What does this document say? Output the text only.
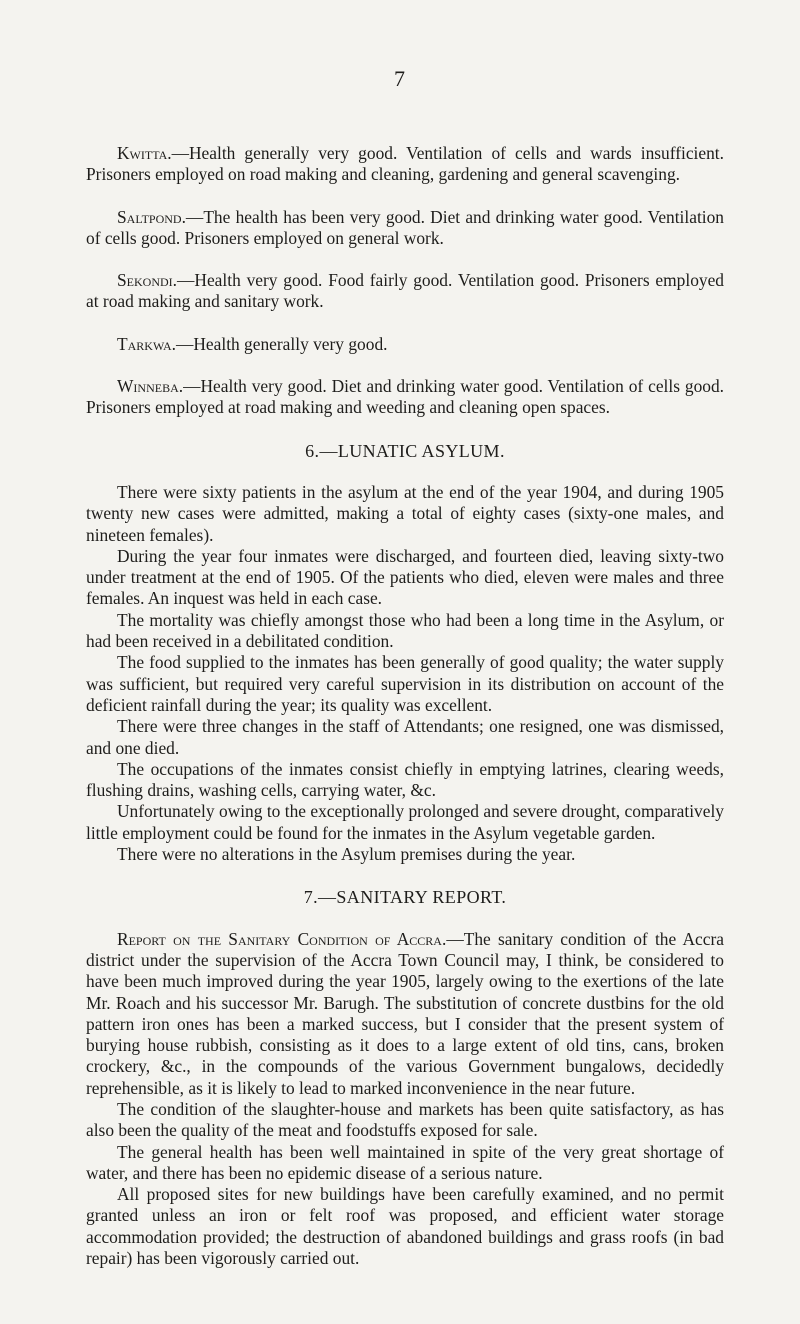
7

Kwitta.—Health generally very good. Ventilation of cells and wards insufficient. Prisoners employed on road making and cleaning, gardening and general scavenging.

Saltpond.—The health has been very good. Diet and drinking water good. Ventilation of cells good. Prisoners employed on general work.

Sekondi.—Health very good. Food fairly good. Ventilation good. Prisoners employed at road making and sanitary work.

Tarkwa.—Health generally very good.

Winneba.—Health very good. Diet and drinking water good. Ventilation of cells good. Prisoners employed at road making and weeding and cleaning open spaces.

6.—LUNATIC ASYLUM.

There were sixty patients in the asylum at the end of the year 1904, and during 1905 twenty new cases were admitted, making a total of eighty cases (sixty-one males, and nineteen females).

During the year four inmates were discharged, and fourteen died, leaving sixty-two under treatment at the end of 1905. Of the patients who died, eleven were males and three females. An inquest was held in each case.

The mortality was chiefly amongst those who had been a long time in the Asylum, or had been received in a debilitated condition.

The food supplied to the inmates has been generally of good quality; the water supply was sufficient, but required very careful supervision in its distribution on account of the deficient rainfall during the year; its quality was excellent.

There were three changes in the staff of Attendants; one resigned, one was dismissed, and one died.

The occupations of the inmates consist chiefly in emptying latrines, clearing weeds, flushing drains, washing cells, carrying water, &c.

Unfortunately owing to the exceptionally prolonged and severe drought, comparatively little employment could be found for the inmates in the Asylum vegetable garden.

There were no alterations in the Asylum premises during the year.

7.—SANITARY REPORT.

Report on the Sanitary Condition of Accra.—The sanitary condition of the Accra district under the supervision of the Accra Town Council may, I think, be considered to have been much improved during the year 1905, largely owing to the exertions of the late Mr. Roach and his successor Mr. Barugh. The substitution of concrete dustbins for the old pattern iron ones has been a marked success, but I consider that the present system of burying house rubbish, consisting as it does to a large extent of old tins, cans, broken crockery, &c., in the compounds of the various Government bungalows, decidedly reprehensible, as it is likely to lead to marked inconvenience in the near future.

The condition of the slaughter-house and markets has been quite satisfactory, as has also been the quality of the meat and foodstuffs exposed for sale.

The general health has been well maintained in spite of the very great shortage of water, and there has been no epidemic disease of a serious nature.

All proposed sites for new buildings have been carefully examined, and no permit granted unless an iron or felt roof was proposed, and efficient water storage accommodation provided; the destruction of abandoned buildings and grass roofs (in bad repair) has been vigorously carried out.
